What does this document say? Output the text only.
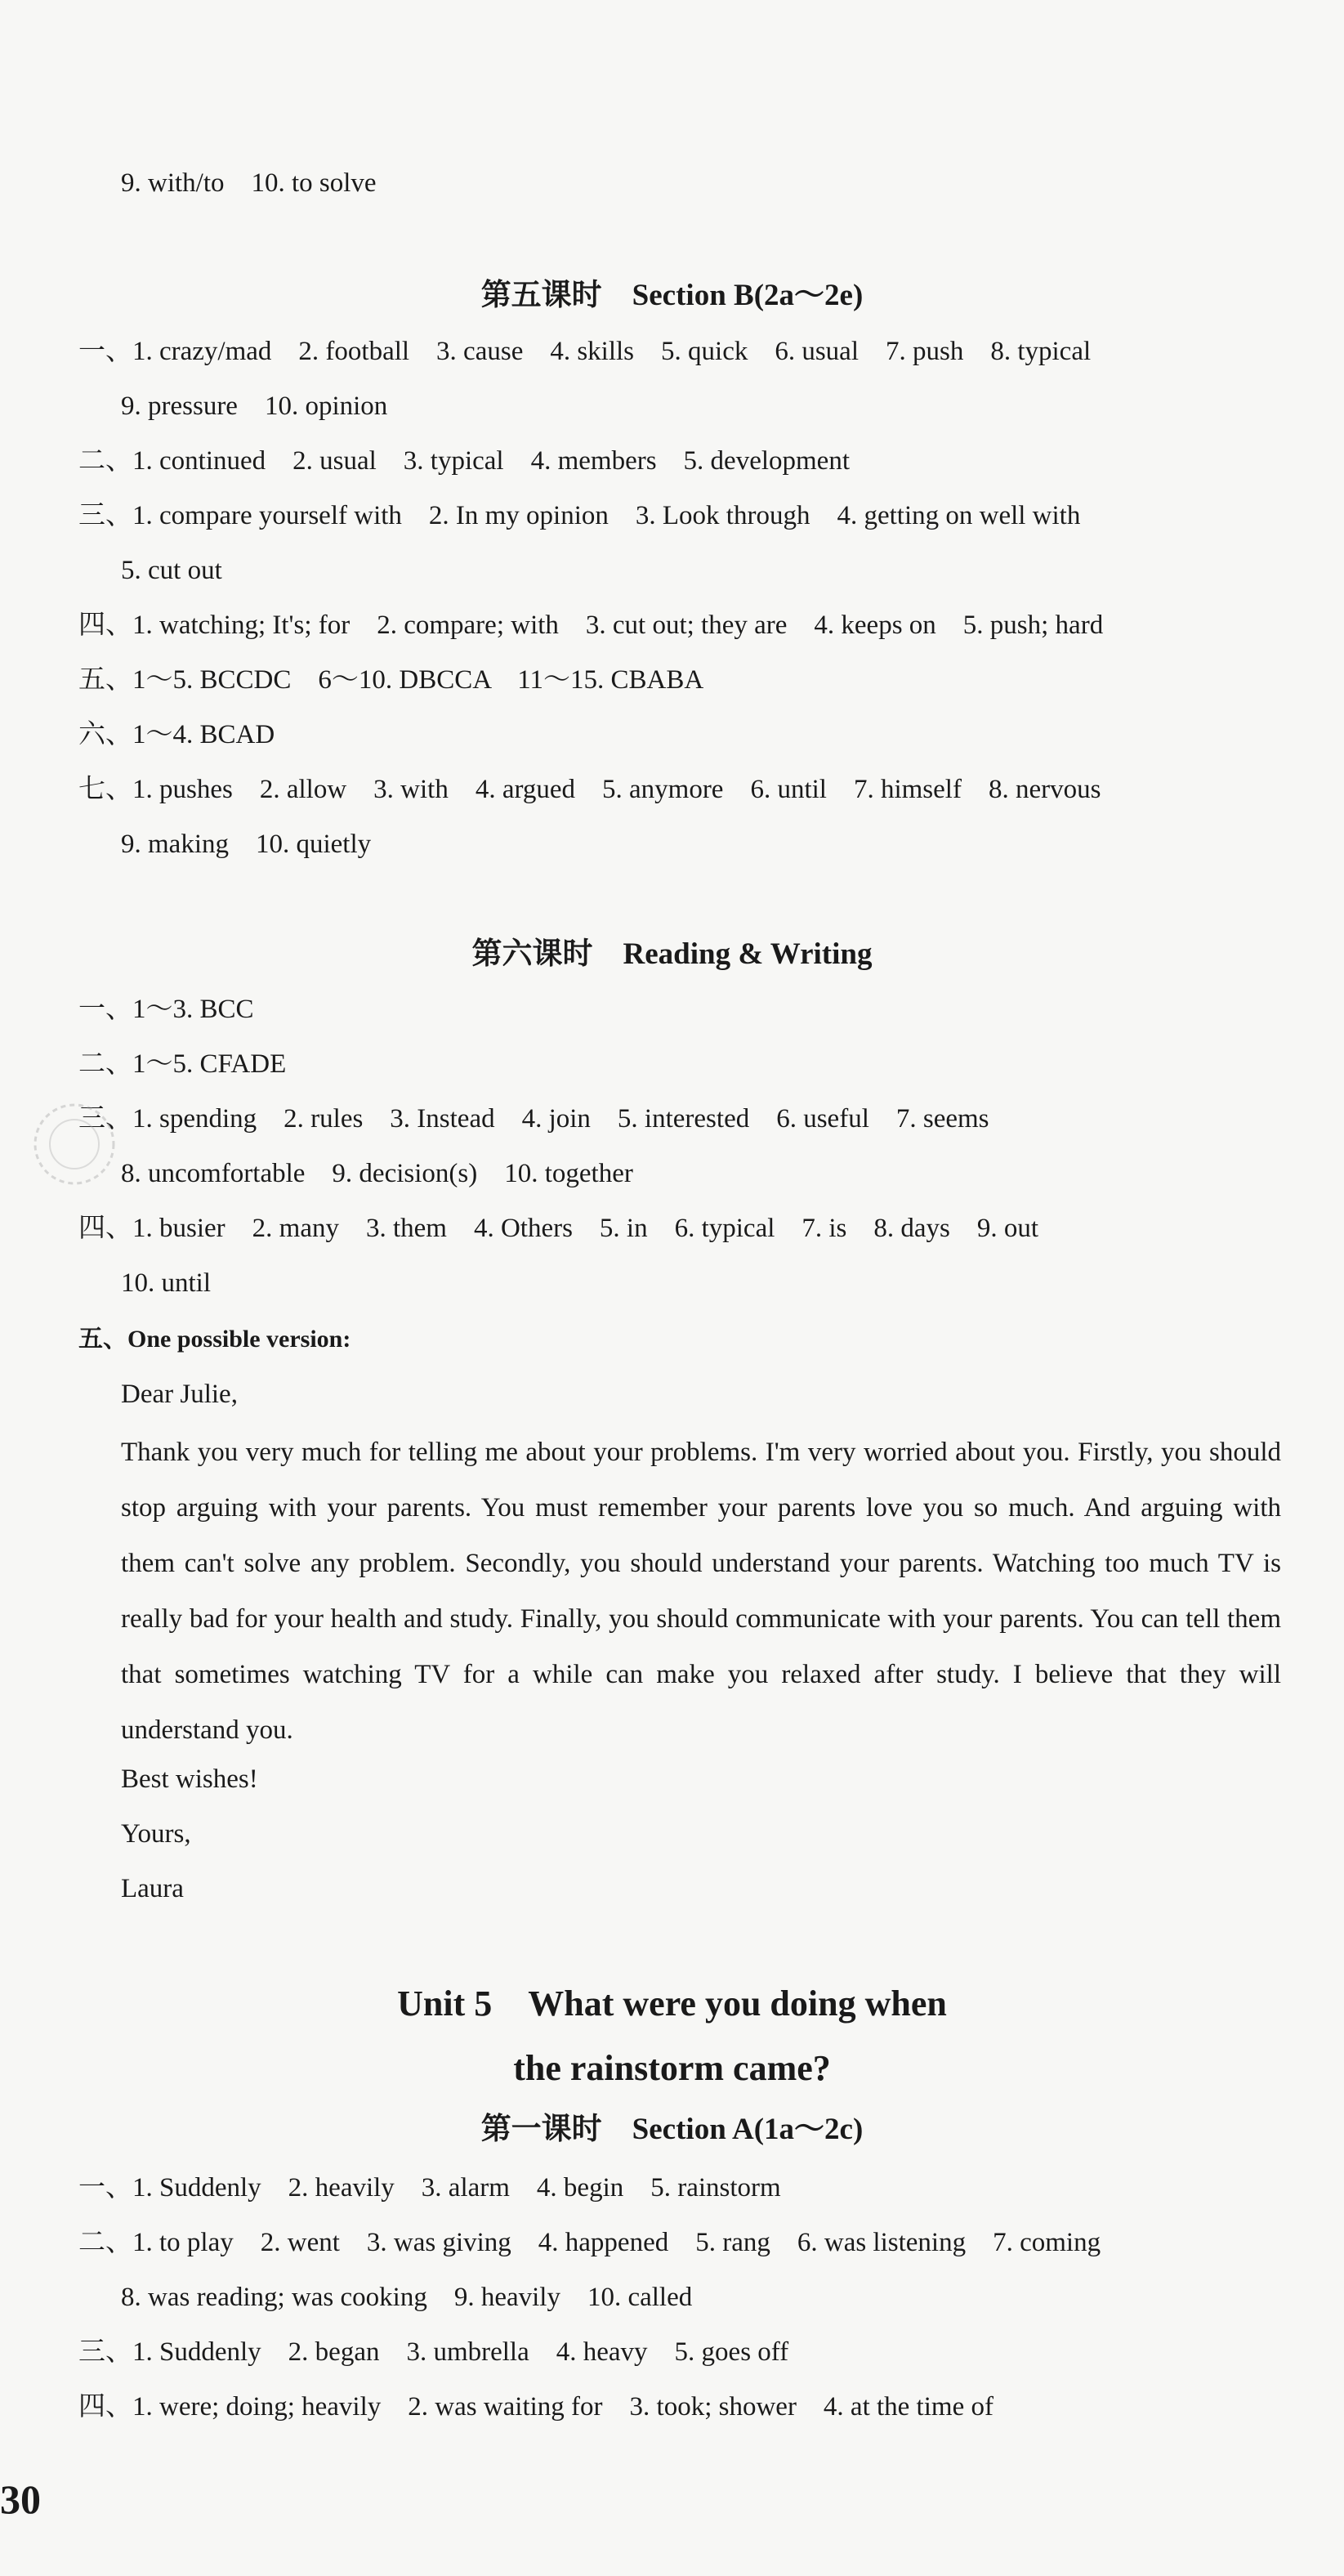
9. with/to　10. to solve
第五课时　Section B(2a～2e)
一、1. crazy/mad　2. football　3. cause　4. skills　5. quick　6. usual　7. push　8. typical
9. pressure　10. opinion
二、1. continued　2. usual　3. typical　4. members　5. development
三、1. compare yourself with　2. In my opinion　3. Look through　4. getting on well with
5. cut out
四、1. watching; It's; for　2. compare; with　3. cut out; they are　4. keeps on　5. push; hard
五、1～5. BCCDC　6～10. DBCCA　11～15. CBABA
六、1～4. BCAD
七、1. pushes　2. allow　3. with　4. argued　5. anymore　6. until　7. himself　8. nervous
9. making　10. quietly
第六课时　Reading & Writing
一、1～3. BCC
二、1～5. CFADE
三、1. spending　2. rules　3. Instead　4. join　5. interested　6. useful　7. seems
8. uncomfortable　9. decision(s)　10. together
四、1. busier　2. many　3. them　4. Others　5. in　6. typical　7. is　8. days　9. out
10. until
五、One possible version:
Dear Julie,
Thank you very much for telling me about your problems. I'm very worried about you. Firstly, you should stop arguing with your parents. You must remember your parents love you so much. And arguing with them can't solve any problem. Secondly, you should understand your parents. Watching too much TV is really bad for your health and study. Finally, you should communicate with your parents. You can tell them that sometimes watching TV for a while can make you relaxed after study. I believe that they will understand you.
Best wishes!
Yours,
Laura
Unit 5　What were you doing when
the rainstorm came?
第一课时　Section A(1a～2c)
一、1. Suddenly　2. heavily　3. alarm　4. begin　5. rainstorm
二、1. to play　2. went　3. was giving　4. happened　5. rang　6. was listening　7. coming
8. was reading; was cooking　9. heavily　10. called
三、1. Suddenly　2. began　3. umbrella　4. heavy　5. goes off
四、1. were; doing; heavily　2. was waiting for　3. took; shower　4. at the time of
30
